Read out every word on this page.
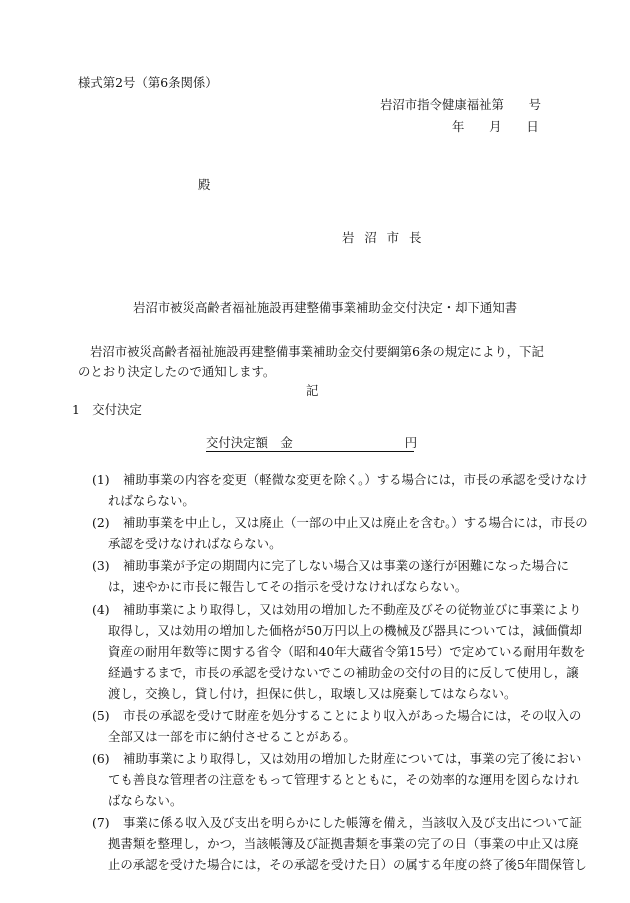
様式第2号（第6条関係）
岩沼市指令健康福祉第　　号
年　　月　　日
殿
岩 沼 市 長
岩沼市被災高齢者福祉施設再建整備事業補助金交付決定・却下通知書
岩沼市被災高齢者福祉施設再建整備事業補助金交付要綱第6条の規定により，下記のとおり決定したので通知します。
記
1　交付決定
交付決定額　金	円
(1) 補助事業の内容を変更（軽微な変更を除く。）する場合には，市長の承認を受けなけ
ればならない。
(2) 補助事業を中止し，又は廃止（一部の中止又は廃止を含む。）する場合には，市長の
承認を受けなければならない。
(3) 補助事業が予定の期間内に完了しない場合又は事業の遂行が困難になった場合に
は，速やかに市長に報告してその指示を受けなければならない。
(4) 補助事業により取得し，又は効用の増加した不動産及びその従物並びに事業により
取得し，又は効用の増加した価格が50万円以上の機械及び器具については，減価償却
資産の耐用年数等に関する省令（昭和40年大蔵省令第15号）で定めている耐用年数を
経過するまで，市長の承認を受けないでこの補助金の交付の目的に反して使用し，譲
渡し，交換し，貸し付け，担保に供し，取壊し又は廃棄してはならない。
(5) 市長の承認を受けて財産を処分することにより収入があった場合には，その収入の
全部又は一部を市に納付させることがある。
(6) 補助事業により取得し，又は効用の増加した財産については，事業の完了後におい
ても善良な管理者の注意をもって管理するとともに，その効率的な運用を図らなけれ
ばならない。
(7) 事業に係る収入及び支出を明らかにした帳簿を備え，当該収入及び支出について証
拠書類を整理し，かつ，当該帳簿及び証拠書類を事業の完了の日（事業の中止又は廃
止の承認を受けた場合には，その承認を受けた日）の属する年度の終了後5年間保管し
